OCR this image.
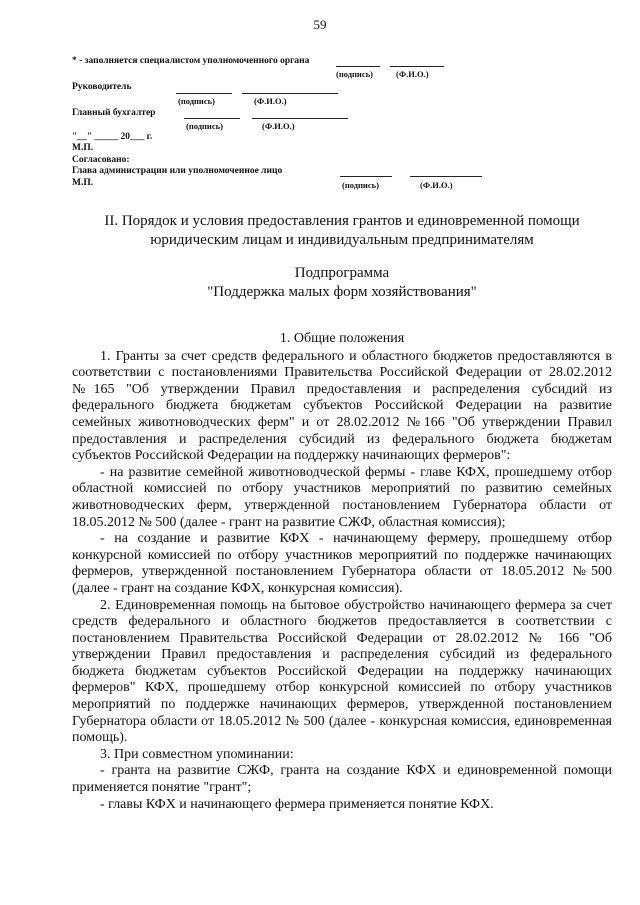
59
* - заполняется специалистом уполномоченного органа
(подпись)	(Ф.И.О.)
Руководитель
(подпись)	(Ф.И.О.)
Главный бухгалтер
(подпись)	(Ф.И.О.)
"__" _____ 20___ г.
М.П.
Согласовано:
Глава администрации или уполномоченное лицо
М.П.	(подпись)	(Ф.И.О.)
II. Порядок и условия предоставления грантов и единовременной помощи юридическим лицам и индивидуальным предпринимателям
Подпрограмма
"Поддержка малых форм хозяйствования"

1. Общие положения

1. Гранты за счет средств федерального и областного бюджетов предоставляются в соответствии с постановлениями Правительства Российской Федерации от 28.02.2012 №165 "Об утверждении Правил предоставления и распределения субсидий из федерального бюджета бюджетам субъектов Российской Федерации на развитие семейных животноводческих ферм" и от 28.02.2012 №166 "Об утверждении Правил предоставления и распределения субсидий из федерального бюджета бюджетам субъектов Российской Федерации на поддержку начинающих фермеров":

- на развитие семейной животноводческой фермы - главе КФХ, прошедшему отбор областной комиссией по отбору участников мероприятий по развитию семейных животноводческих ферм, утвержденной постановлением Губернатора области от 18.05.2012 № 500 (далее - грант на развитие СЖФ, областная комиссия);

- на создание и развитие КФХ - начинающему фермеру, прошедшему отбор конкурсной комиссией по отбору участников мероприятий по поддержке начинающих фермеров, утвержденной постановлением Губернатора области от 18.05.2012 №500 (далее - грант на создание КФХ, конкурсная комиссия).

2. Единовременная помощь на бытовое обустройство начинающего фермера за счет средств федерального и областного бюджетов предоставляется в соответствии с постановлением Правительства Российской Федерации от 28.02.2012 № 166 "Об утверждении Правил предоставления и распределения субсидий из федерального бюджета бюджетам субъектов Российской Федерации на поддержку начинающих фермеров" КФХ, прошедшему отбор конкурсной комиссией по отбору участников мероприятий по поддержке начинающих фермеров, утвержденной постановлением Губернатора области от 18.05.2012 № 500 (далее - конкурсная комиссия, единовременная помощь).

3. При совместном упоминании:

- гранта на развитие СЖФ, гранта на создание КФХ и единовременной помощи применяется понятие "грант";

- главы КФХ и начинающего фермера применяется понятие КФХ.
